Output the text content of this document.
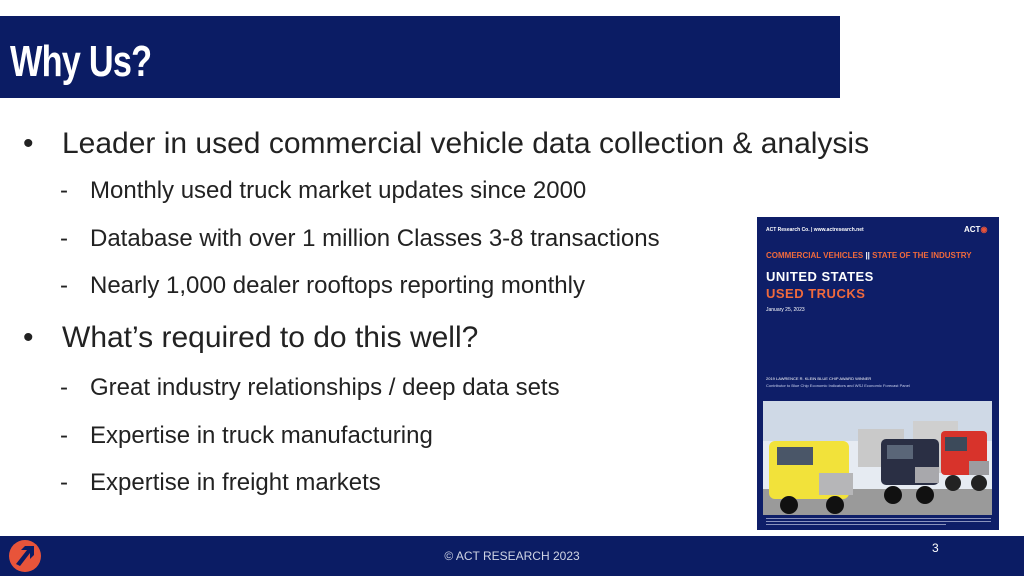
Why Us?
• Leader in used commercial vehicle data collection & analysis
- Monthly used truck market updates since 2000
- Database with over 1 million Classes 3-8 transactions
- Nearly 1,000 dealer rooftops reporting monthly
• What’s required to do this well?
- Great industry relationships / deep data sets
- Expertise in truck manufacturing
- Expertise in freight markets
ACT Research Co. | www.actresearch.net	ACT◉
COMMERCIAL VEHICLES || STATE OF THE INDUSTRY
UNITED STATES
USED TRUCKS
January 25, 2023
2019 LAWRENCE R. KLEIN BLUE CHIP AWARD WINNER
Contributor to Blue Chip Economic Indicators and WSJ Economic Forecast Panel
© ACT RESEARCH 2023
3
